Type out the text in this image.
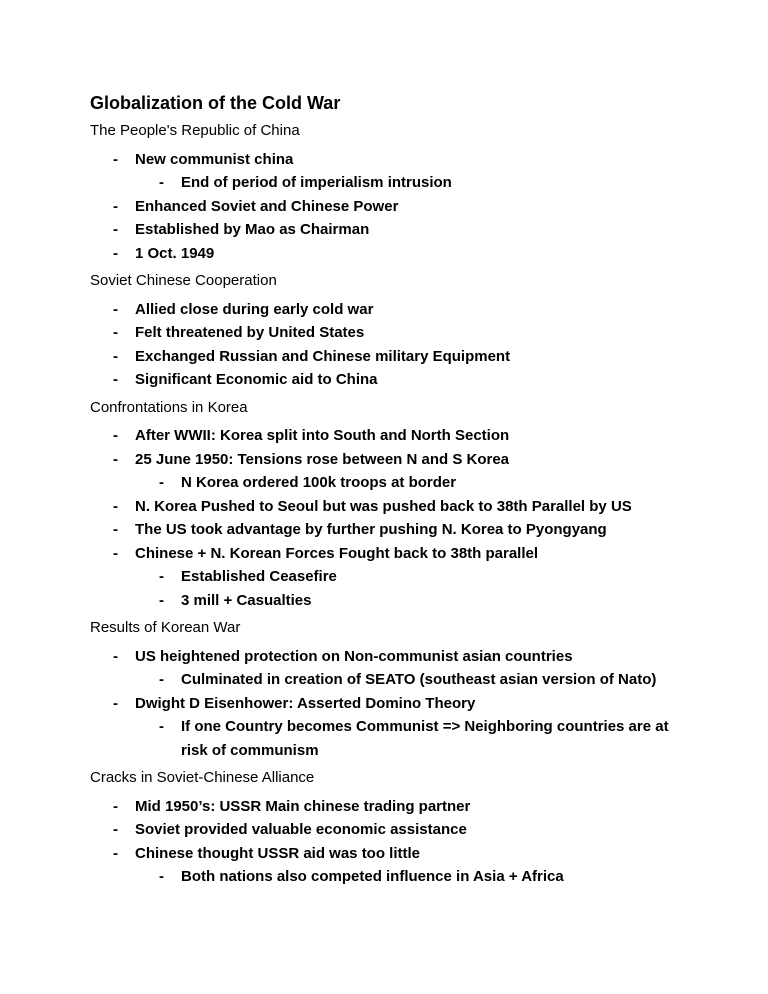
Globalization of the Cold War
The People's Republic of China
- New communist china
- End of period of imperialism intrusion
- Enhanced Soviet and Chinese Power
- Established by Mao as Chairman
- 1 Oct. 1949
Soviet Chinese Cooperation
- Allied close during early cold war
- Felt threatened by United States
- Exchanged Russian and Chinese military Equipment
- Significant Economic aid to China
Confrontations in Korea
- After WWII: Korea split into South and North Section
- 25 June 1950: Tensions rose between N and S Korea
- N Korea ordered 100k troops at border
- N. Korea Pushed to Seoul but was pushed back to 38th Parallel by US
- The US took advantage by further pushing N. Korea to Pyongyang
- Chinese + N. Korean Forces Fought back to 38th parallel
- Established Ceasefire
- 3 mill + Casualties
Results of Korean War
- US heightened protection on Non-communist asian countries
- Culminated in creation of SEATO (southeast asian version of Nato)
- Dwight D Eisenhower: Asserted Domino Theory
- If one Country becomes Communist => Neighboring countries are at risk of communism
Cracks in Soviet-Chinese Alliance
- Mid 1950’s: USSR Main chinese trading partner
- Soviet provided valuable economic assistance
- Chinese thought USSR aid was too little
- Both nations also competed influence in Asia + Africa
